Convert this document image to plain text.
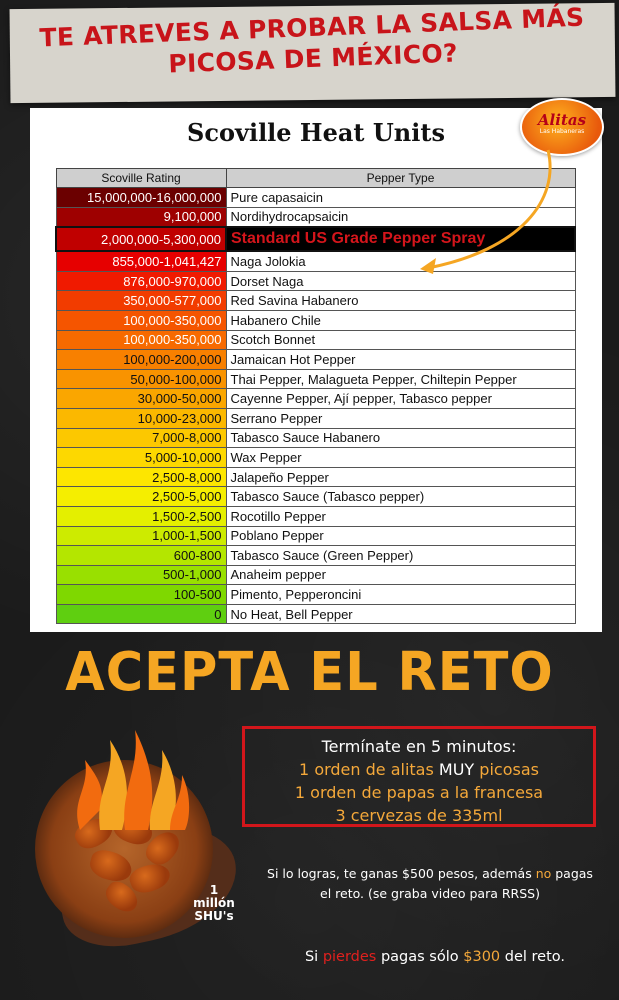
TE ATREVES A PROBAR LA SALSA MÁS PICOSA DE MÉXICO?
Scoville Heat Units	Alitas
Las Habaneras
Scoville Rating	Pepper Type
15,000,000-16,000,000	Pure capasaicin
9,100,000	Nordihydrocapsaicin
2,000,000-5,300,000	Standard US Grade Pepper Spray
855,000-1,041,427	Naga Jolokia
876,000-970,000	Dorset Naga
350,000-577,000	Red Savina Habanero
100,000-350,000	Habanero Chile
100,000-350,000	Scotch Bonnet
100,000-200,000	Jamaican Hot Pepper
50,000-100,000	Thai Pepper, Malagueta Pepper, Chiltepin Pepper
30,000-50,000	Cayenne Pepper, Ají pepper, Tabasco pepper
10,000-23,000	Serrano Pepper
7,000-8,000	Tabasco Sauce Habanero
5,000-10,000	Wax Pepper
2,500-8,000	Jalapeño Pepper
2,500-5,000	Tabasco Sauce (Tabasco pepper)
1,500-2,500	Rocotillo Pepper
1,000-1,500	Poblano Pepper
600-800	Tabasco Sauce (Green Pepper)
500-1,000	Anaheim pepper
100-500	Pimento, Pepperoncini
0	No Heat, Bell Pepper
ACEPTA EL RETO
Termínate en 5 minutos:
1 orden de alitas MUY picosas
1 orden de papas a la francesa
3 cervezas de 335ml
1
millón
SHU's
Si lo logras, te ganas $500 pesos, además no pagas el reto. (se graba video para RRSS)
Si pierdes pagas sólo $300 del reto.
